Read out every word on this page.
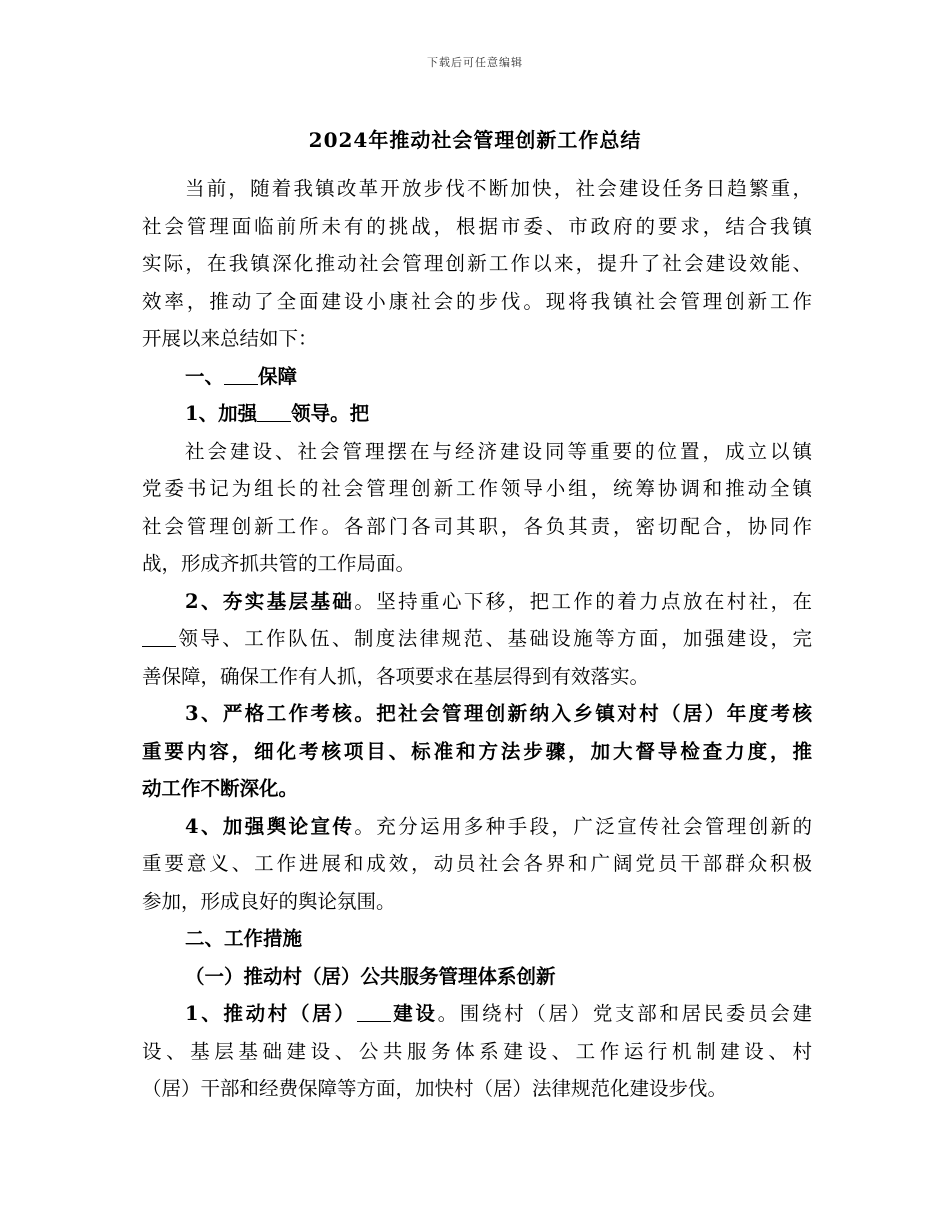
下载后可任意编辑
2024年推动社会管理创新工作总结
当前，随着我镇改革开放步伐不断加快，社会建设任务日趋繁重，
社会管理面临前所未有的挑战，根据市委、市政府的要求，结合我镇
实际，在我镇深化推动社会管理创新工作以来，提升了社会建设效能、
效率，推动了全面建设小康社会的步伐。现将我镇社会管理创新工作
开展以来总结如下：
一、 保障
1、加强 领导。把
社会建设、社会管理摆在与经济建设同等重要的位置，成立以镇
党委书记为组长的社会管理创新工作领导小组，统筹协调和推动全镇
社会管理创新工作。各部门各司其职，各负其责，密切配合，协同作
战，形成齐抓共管的工作局面。
2、夯实基层基础。坚持重心下移，把工作的着力点放在村社，在
领导、工作队伍、制度法律规范、基础设施等方面，加强建设，完
善保障，确保工作有人抓，各项要求在基层得到有效落实。
3、严格工作考核。把社会管理创新纳入乡镇对村（居）年度考核
重要内容，细化考核项目、标准和方法步骤，加大督导检查力度，推
动工作不断深化。
4、加强舆论宣传。充分运用多种手段，广泛宣传社会管理创新的
重要意义、工作进展和成效，动员社会各界和广阔党员干部群众积极
参加，形成良好的舆论氛围。
二、工作措施
（一）推动村（居）公共服务管理体系创新
1、推动村（居） 建设。围绕村（居）党支部和居民委员会建
设、基层基础建设、公共服务体系建设、工作运行机制建设、村
（居）干部和经费保障等方面，加快村（居）法律规范化建设步伐。
